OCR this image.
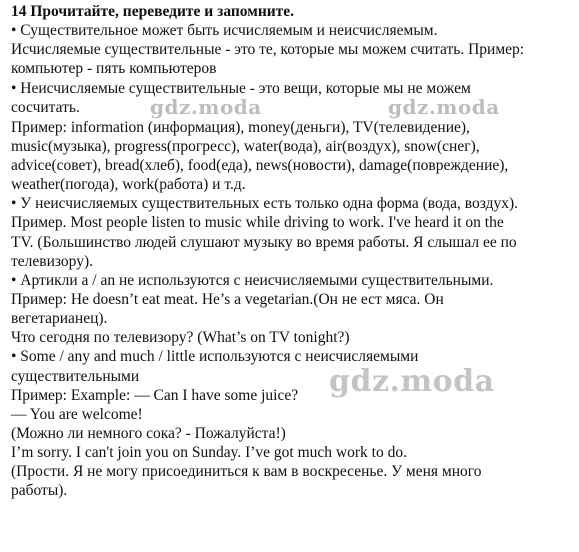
14 Прочитайте, переведите и запомните.
• Существительное может быть исчисляемым и неисчисляемым.
Исчисляемые существительные - это те, которые мы можем считать. Пример:
компьютер - пять компьютеров
• Неисчисляемые существительные - это вещи, которые мы не можем
сосчитать.
Пример: information (информация), money(деньги), TV(телевидение),
music(музыка), progress(прогресс), water(вода), air(воздух), snow(снег),
advice(совет), bread(хлеб), food(еда), news(новости), damage(повреждение),
weather(погода), work(работа) и т.д.
• У неисчисляемых существительных есть только одна форма (вода, воздух).
Пример. Most people listen to music while driving to work. I've heard it on the
TV. (Большинство людей слушают музыку во время работы. Я слышал ее по
телевизору).
• Артикли а / an не используются с неисчисляемыми существительными.
Пример: He doesn’t eat meat. He’s a vegetarian.(Он не ест мяса. Он
вегетарианец).
Что сегодня по телевизору? (What’s on TV tonight?)
• Some / any and much / little используются с неисчисляемыми
существительными
Пример: Example: — Can I have some juice?
— You are welcome!
(Можно ли немного сока? - Пожалуйста!)
I’m sorry. I can't join you on Sunday. I’ve got much work to do.
(Прости. Я не могу присоединиться к вам в воскресенье. У меня много
работы).
gdz.moda	gdz.moda
gdz.moda
